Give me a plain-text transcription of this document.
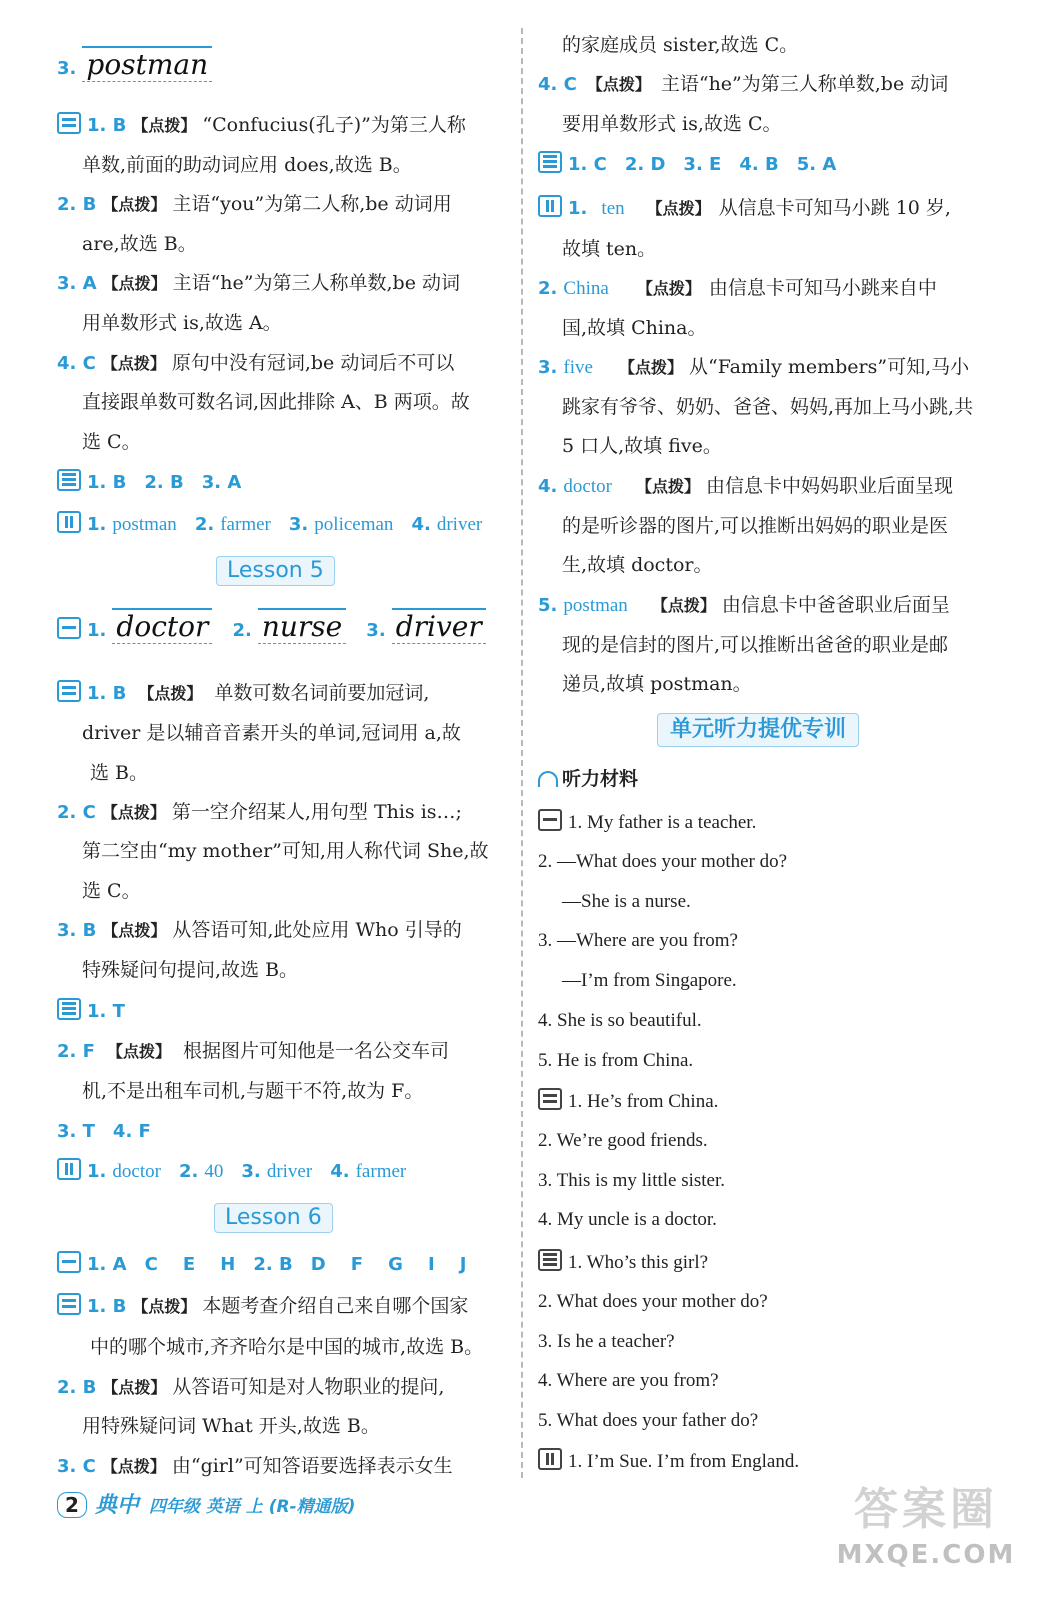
3. postman
1. B 【点拨】 “Confucius(孔子)”为第三人称
单数,前面的助动词应用 does,故选 B。
2. B 【点拨】 主语“you”为第二人称,be 动词用
are,故选 B。
3. A 【点拨】 主语“he”为第三人称单数,be 动词
用单数形式 is,故选 A。
4. C 【点拨】 原句中没有冠词,be 动词后不可以
直接跟单数可数名词,因此排除 A、B 两项。故
选 C。
1. B 2. B 3. A
1. postman 2. farmer 3. policeman 4. driver
Lesson 5
1. doctor 2. nurse 3. driver
1. B 【点拨】 单数可数名词前要加冠词,
driver 是以辅音音素开头的单词,冠词用 a,故
选 B。
2. C 【点拨】 第一空介绍某人,用句型 This is…;
第二空由“my mother”可知,用人称代词 She,故
选 C。
3. B 【点拨】 从答语可知,此处应用 Who 引导的
特殊疑问句提问,故选 B。
1. T
2. F 【点拨】 根据图片可知他是一名公交车司
机,不是出租车司机,与题干不符,故为 F。
3. T 4. F
1. doctor 2. 40 3. driver 4. farmer
Lesson 6
1. A C    E    H 2. B D    F    G    I    J
1. B 【点拨】 本题考查介绍自己来自哪个国家
中的哪个城市,齐齐哈尔是中国的城市,故选 B。
2. B 【点拨】 从答语可知是对人物职业的提问,
用特殊疑问词 What 开头,故选 B。
3. C 【点拨】 由“girl”可知答语要选择表示女生
的家庭成员 sister,故选 C。
4. C 【点拨】 主语“he”为第三人称单数,be 动词
要用单数形式 is,故选 C。
1. C 2. D 3. E 4. B 5. A
1. ten 【点拨】 从信息卡可知马小跳 10 岁,
故填 ten。
2. China 【点拨】 由信息卡可知马小跳来自中
国,故填 China。
3. five 【点拨】 从“Family members”可知,马小
跳家有爷爷、奶奶、爸爸、妈妈,再加上马小跳,共
5 口人,故填 five。
4. doctor 【点拨】 由信息卡中妈妈职业后面呈现
的是听诊器的图片,可以推断出妈妈的职业是医
生,故填 doctor。
5. postman 【点拨】 由信息卡中爸爸职业后面呈
现的是信封的图片,可以推断出爸爸的职业是邮
递员,故填 postman。
单元听力提优专训
听力材料
1. My father is a teacher.
2. —What does your mother do?
—She is a nurse.
3. —Where are you from?
—I’m from Singapore.
4. She is so beautiful.
5. He is from China.
1. He’s from China.
2. We’re good friends.
3. This is my little sister.
4. My uncle is a doctor.
1. Who’s this girl?
2. What does your mother do?
3. Is he a teacher?
4. Where are you from?
5. What does your father do?
1. I’m Sue. I’m from England.
2 典中 四年级 英语 上 (R-精通版)	答案圈
MXQE.COM
